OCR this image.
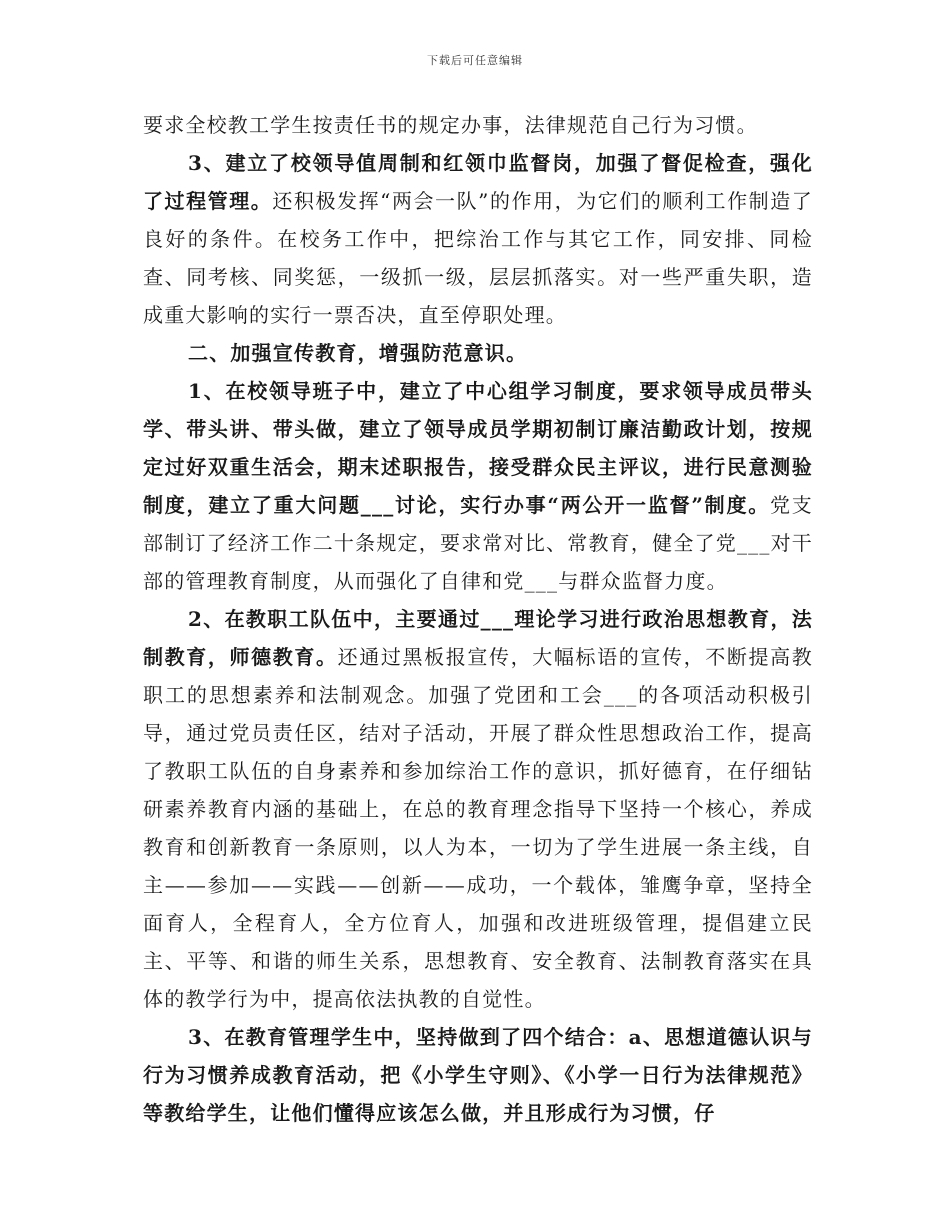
下载后可任意编辑

要求全校教工学生按责任书的规定办事，法律规范自己行为习惯。

3、建立了校领导值周制和红领巾监督岗，加强了督促检查，强化了过程管理。还积极发挥“两会一队”的作用，为它们的顺利工作制造了良好的条件。在校务工作中，把综治工作与其它工作，同安排、同检查、同考核、同奖惩，一级抓一级，层层抓落实。对一些严重失职，造成重大影响的实行一票否决，直至停职处理。

二、加强宣传教育，增强防范意识。

1、在校领导班子中，建立了中心组学习制度，要求领导成员带头学、带头讲、带头做，建立了领导成员学期初制订廉洁勤政计划，按规定过好双重生活会，期末述职报告，接受群众民主评议，进行民意测验制度，建立了重大问题___讨论，实行办事“两公开一监督”制度。党支部制订了经济工作二十条规定，要求常对比、常教育，健全了党___对干部的管理教育制度，从而强化了自律和党___与群众监督力度。

2、在教职工队伍中，主要通过___理论学习进行政治思想教育，法制教育，师德教育。还通过黑板报宣传，大幅标语的宣传，不断提高教职工的思想素养和法制观念。加强了党团和工会___的各项活动积极引导，通过党员责任区，结对子活动，开展了群众性思想政治工作，提高了教职工队伍的自身素养和参加综治工作的意识，抓好德育，在仔细钻研素养教育内涵的基础上，在总的教育理念指导下坚持一个核心，养成教育和创新教育一条原则，以人为本，一切为了学生进展一条主线，自主——参加——实践——创新——成功，一个载体，雏鹰争章，坚持全面育人，全程育人，全方位育人，加强和改进班级管理，提倡建立民主、平等、和谐的师生关系，思想教育、安全教育、法制教育落实在具体的教学行为中，提高依法执教的自觉性。

3、在教育管理学生中，坚持做到了四个结合：a、思想道德认识与行为习惯养成教育活动，把《小学生守则》、《小学一日行为法律规范》等教给学生，让他们懂得应该怎么做，并且形成行为习惯，仔
